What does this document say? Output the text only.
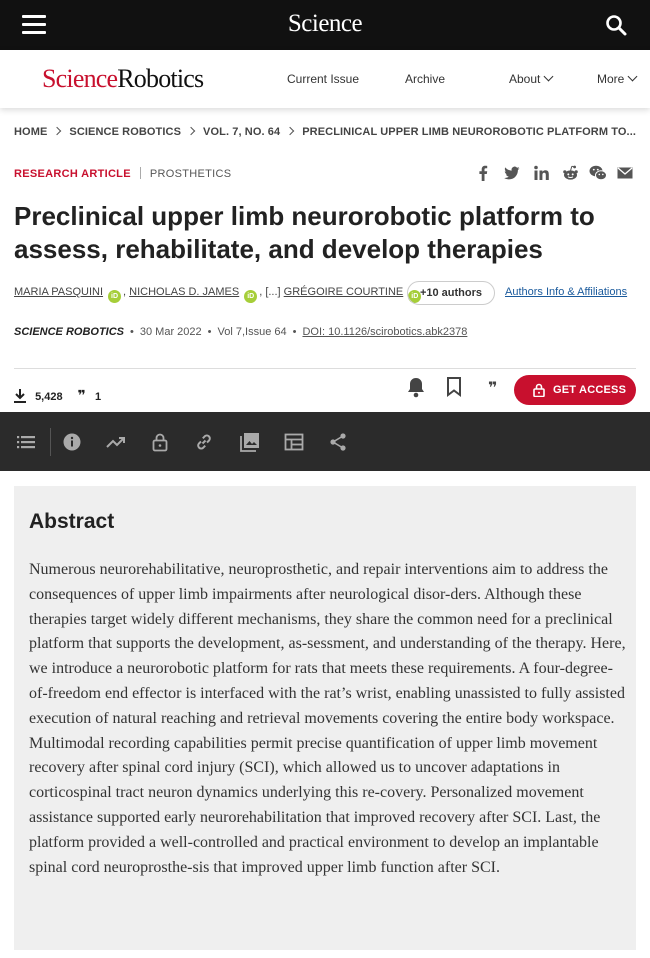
Science
ScienceRobotics	Current Issue	Archive	About	More
HOME SCIENCE ROBOTICS VOL. 7, NO. 64 PRECLINICAL UPPER LIMB NEUROROBOTIC PLATFORM TO...
RESEARCH ARTICLE PROSTHETICS
Preclinical upper limb neurorobotic platform to assess, rehabilitate, and develop therapies
MARIA PASQUINI iD , NICHOLAS D. JAMES iD , [...] GRÉGOIRE COURTINE iD +10 authors	Authors Info & Affiliations
SCIENCE ROBOTICS • 30 Mar 2022 • Vol 7,Issue 64 • DOI: 10.1126/scirobotics.abk2378
5,428 ❞ 1	❞	GET ACCESS
Abstract

Numerous neurorehabilitative, neuroprosthetic, and repair interventions aim to address the consequences of upper limb impairments after neurological disor-ders. Although these therapies target widely different mechanisms, they share the common need for a preclinical platform that supports the development, as-sessment, and understanding of the therapy. Here, we introduce a neurorobotic platform for rats that meets these requirements. A four-degree-of-freedom end effector is interfaced with the rat’s wrist, enabling unassisted to fully assisted execution of natural reaching and retrieval movements covering the entire body workspace. Multimodal recording capabilities permit precise quantification of upper limb movement recovery after spinal cord injury (SCI), which allowed us to uncover adaptations in corticospinal tract neuron dynamics underlying this re-covery. Personalized movement assistance supported early neurorehabilitation that improved recovery after SCI. Last, the platform provided a well-controlled and practical environment to develop an implantable spinal cord neuroprosthe-sis that improved upper limb function after SCI.
